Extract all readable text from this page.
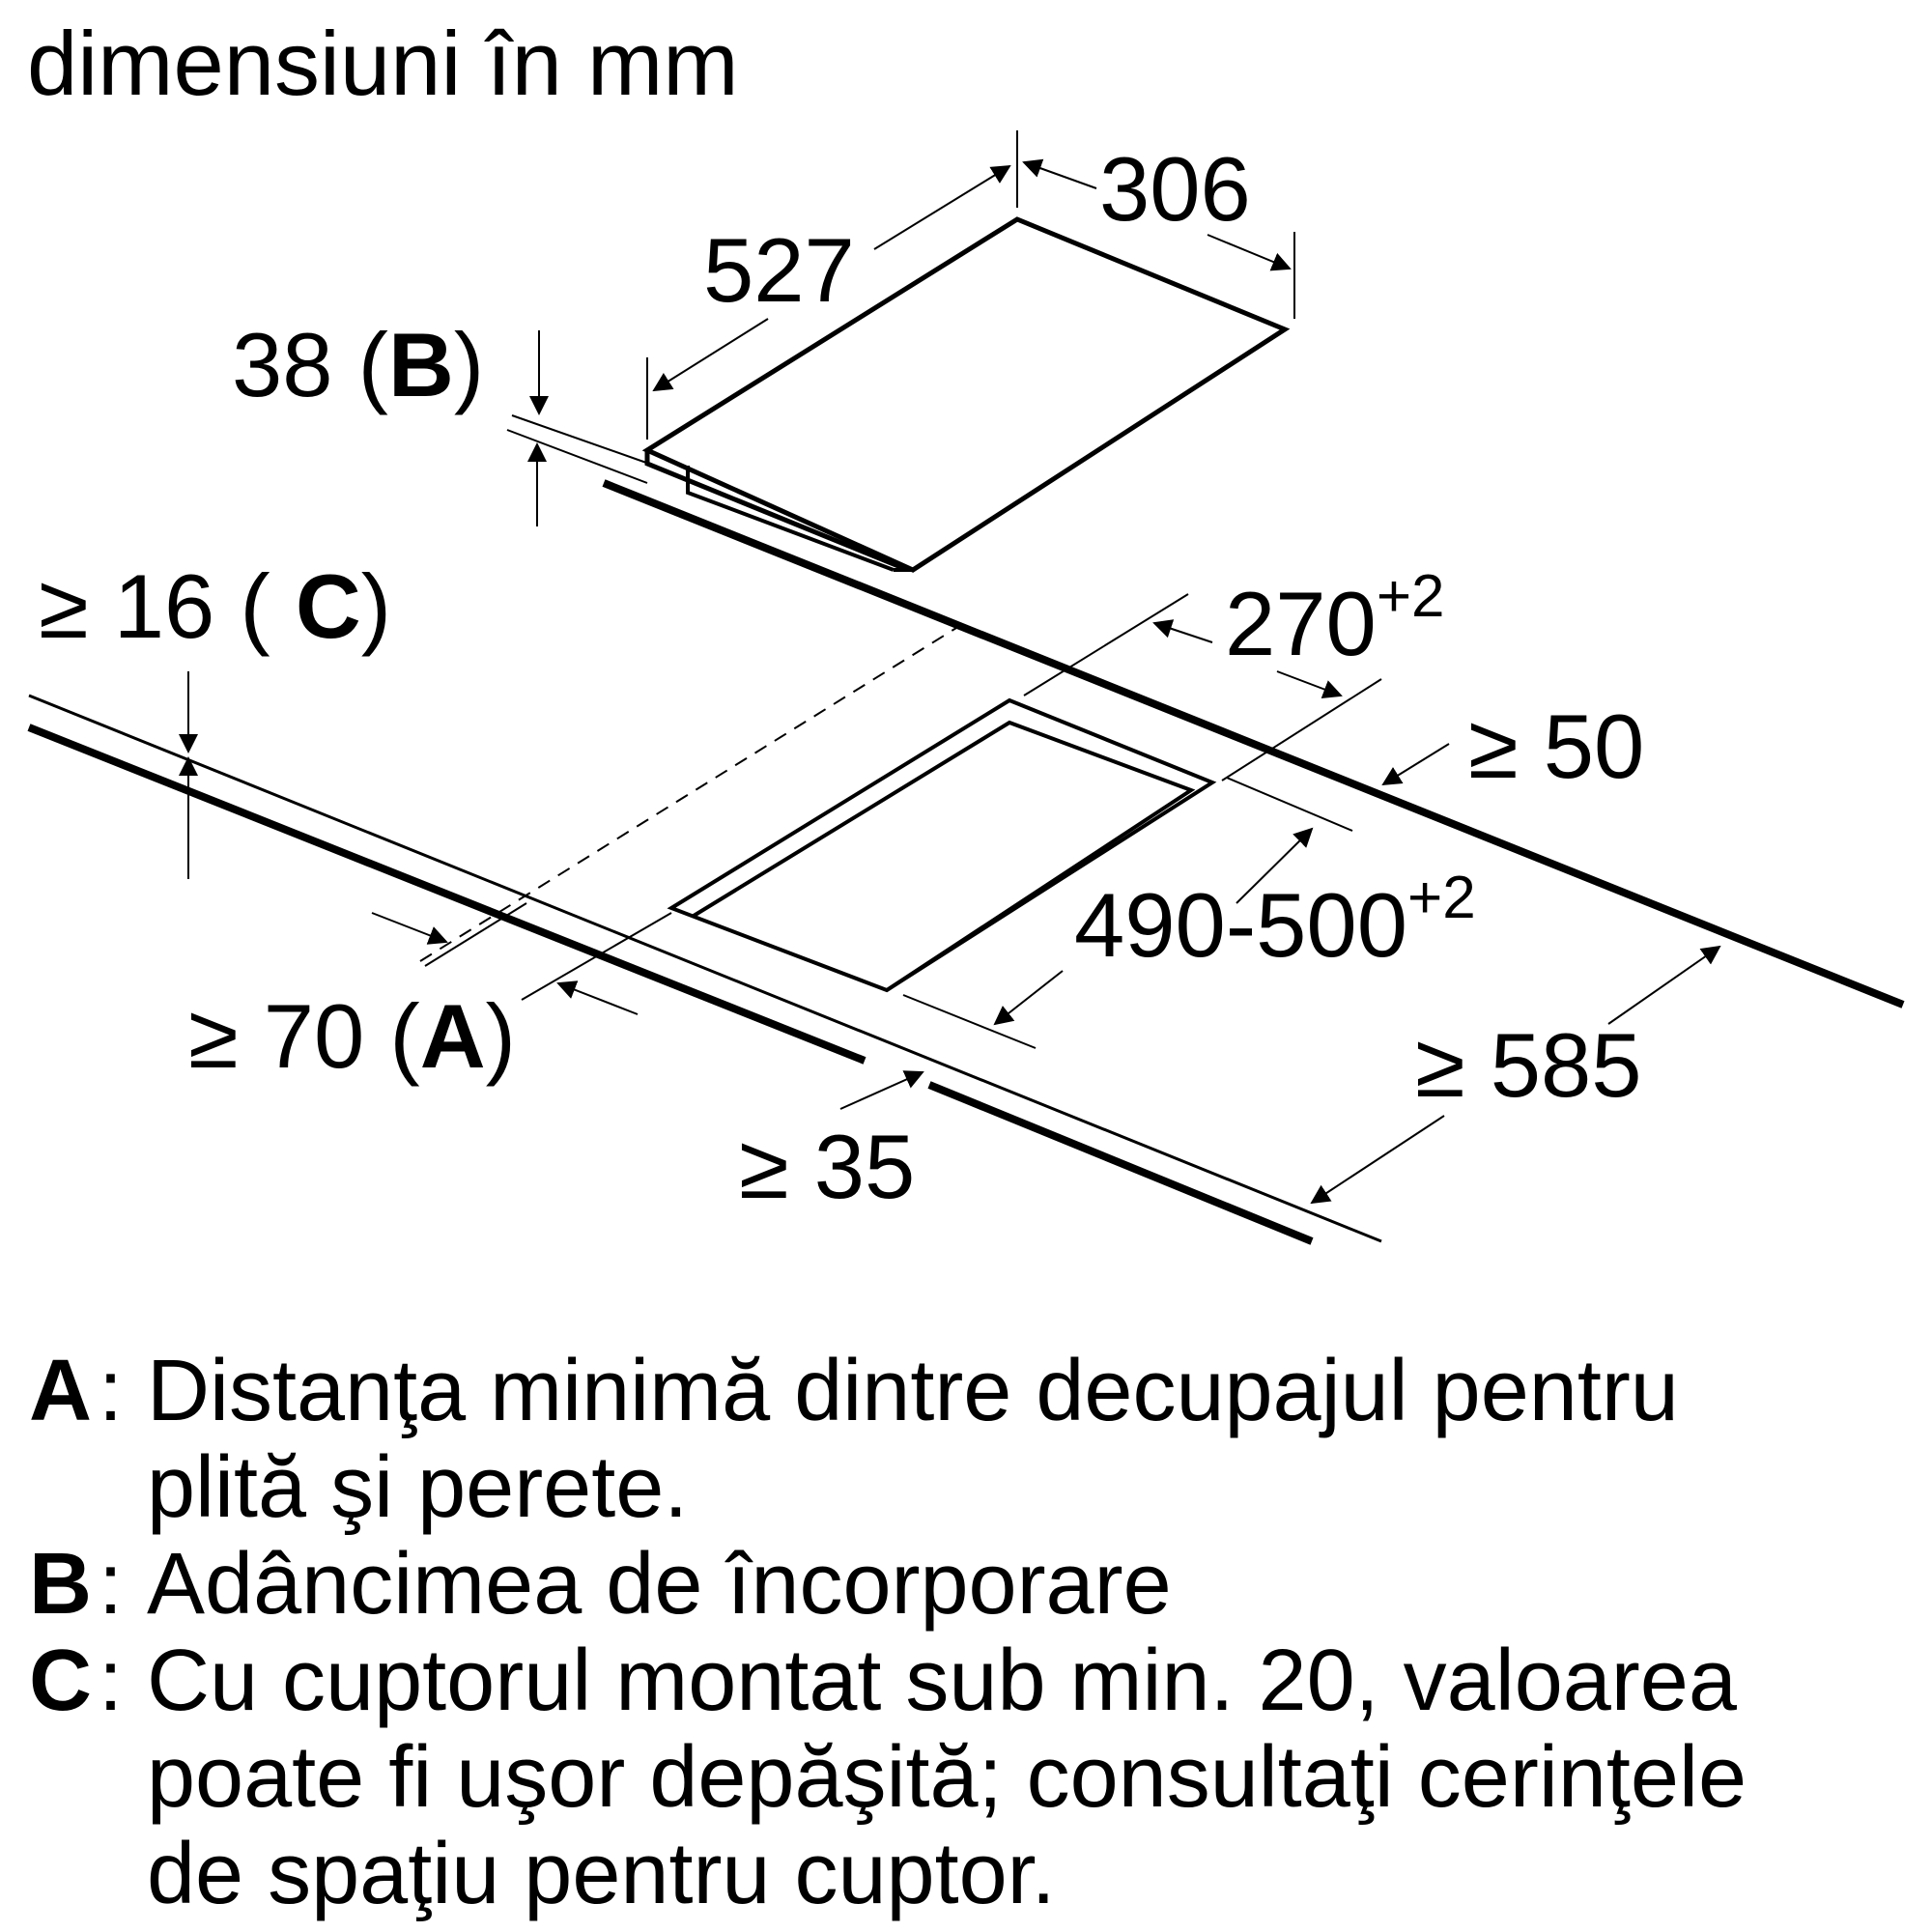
dimensiuni în mm
306
527
38 (B)
≥ 16 ( C)	$270^{+2}$
≥ 50
$490-500^{+2}$
≥ 70 (A)
≥ 35
≥ 585
A : Distanţa minimă dintre decupajul pentru plită şi perete.
B : Adâncimea de încorporare
C : Cu cuptorul montat sub min. 20, valoarea poate fi uşor depăşită; consultaţi cerinţele de spaţiu pentru cuptor.
